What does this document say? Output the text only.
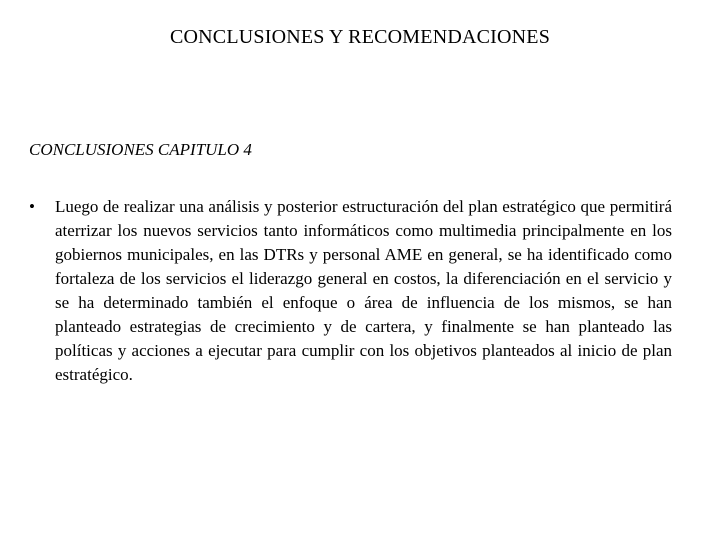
CONCLUSIONES Y RECOMENDACIONES
CONCLUSIONES CAPITULO 4
• Luego de realizar una análisis y posterior estructuración del plan estratégico que permitirá aterrizar los nuevos servicios tanto informáticos como multimedia principalmente en los gobiernos municipales, en las DTRs y personal AME en general, se ha identificado como fortaleza de los servicios el liderazgo general en costos, la diferenciación en el servicio y se ha determinado también el enfoque o área de influencia de los mismos, se han planteado estrategias de crecimiento y de cartera, y finalmente se han planteado las políticas y acciones a ejecutar para cumplir con los objetivos planteados al inicio de plan estratégico.
